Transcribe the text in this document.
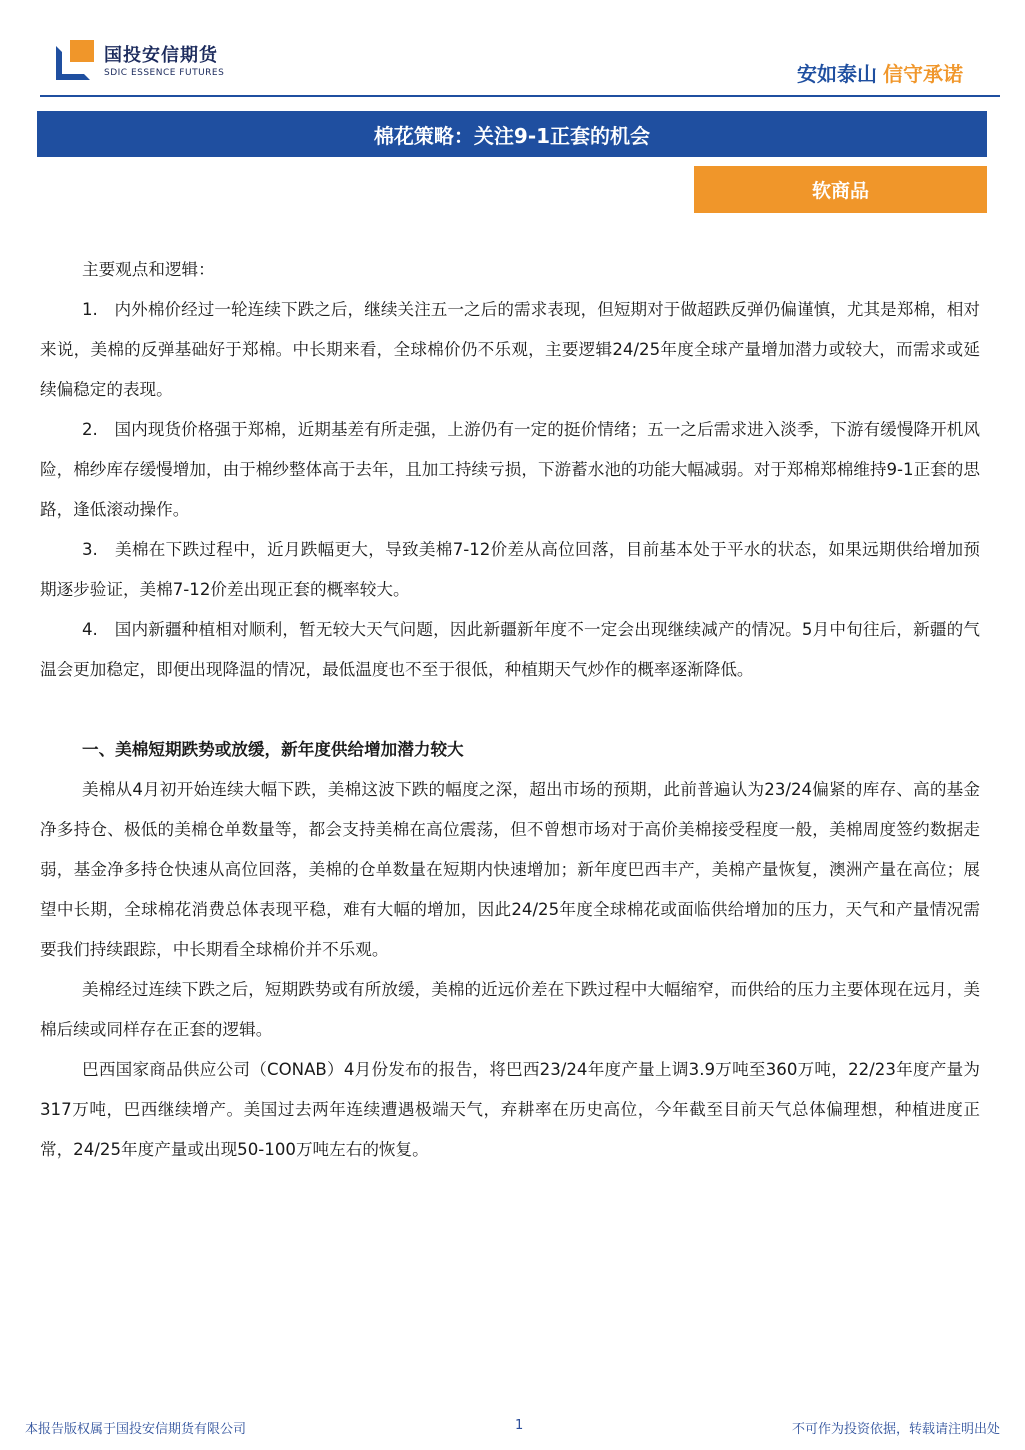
国投安信期货
SDIC ESSENCE FUTURES	安如泰山 信守承诺
棉花策略：关注9-1正套的机会
软商品

主要观点和逻辑：

1.　内外棉价经过一轮连续下跌之后，继续关注五一之后的需求表现，但短期对于做超跌反弹仍偏谨慎，尤其是郑棉，相对来说，美棉的反弹基础好于郑棉。中长期来看，全球棉价仍不乐观，主要逻辑24/25年度全球产量增加潜力或较大，而需求或延续偏稳定的表现。

2.　国内现货价格强于郑棉，近期基差有所走强，上游仍有一定的挺价情绪；五一之后需求进入淡季，下游有缓慢降开机风险，棉纱库存缓慢增加，由于棉纱整体高于去年，且加工持续亏损，下游蓄水池的功能大幅减弱。对于郑棉郑棉维持9-1正套的思路，逢低滚动操作。

3.　美棉在下跌过程中，近月跌幅更大，导致美棉7-12价差从高位回落，目前基本处于平水的状态，如果远期供给增加预期逐步验证，美棉7-12价差出现正套的概率较大。

4.　国内新疆种植相对顺利，暂无较大天气问题，因此新疆新年度不一定会出现继续减产的情况。5月中旬往后，新疆的气温会更加稳定，即便出现降温的情况，最低温度也不至于很低，种植期天气炒作的概率逐渐降低。

一、美棉短期跌势或放缓，新年度供给增加潜力较大

美棉从4月初开始连续大幅下跌，美棉这波下跌的幅度之深，超出市场的预期，此前普遍认为23/24偏紧的库存、高的基金净多持仓、极低的美棉仓单数量等，都会支持美棉在高位震荡，但不曾想市场对于高价美棉接受程度一般，美棉周度签约数据走弱，基金净多持仓快速从高位回落，美棉的仓单数量在短期内快速增加；新年度巴西丰产，美棉产量恢复，澳洲产量在高位；展望中长期，全球棉花消费总体表现平稳，难有大幅的增加，因此24/25年度全球棉花或面临供给增加的压力，天气和产量情况需要我们持续跟踪，中长期看全球棉价并不乐观。

美棉经过连续下跌之后，短期跌势或有所放缓，美棉的近远价差在下跌过程中大幅缩窄，而供给的压力主要体现在远月，美棉后续或同样存在正套的逻辑。

巴西国家商品供应公司（CONAB）4月份发布的报告，将巴西23/24年度产量上调3.9万吨至360万吨，22/23年度产量为317万吨，巴西继续增产。美国过去两年连续遭遇极端天气，弃耕率在历史高位，今年截至目前天气总体偏理想，种植进度正常，24/25年度产量或出现50-100万吨左右的恢复。

本报告版权属于国投安信期货有限公司	1	不可作为投资依据，转载请注明出处
